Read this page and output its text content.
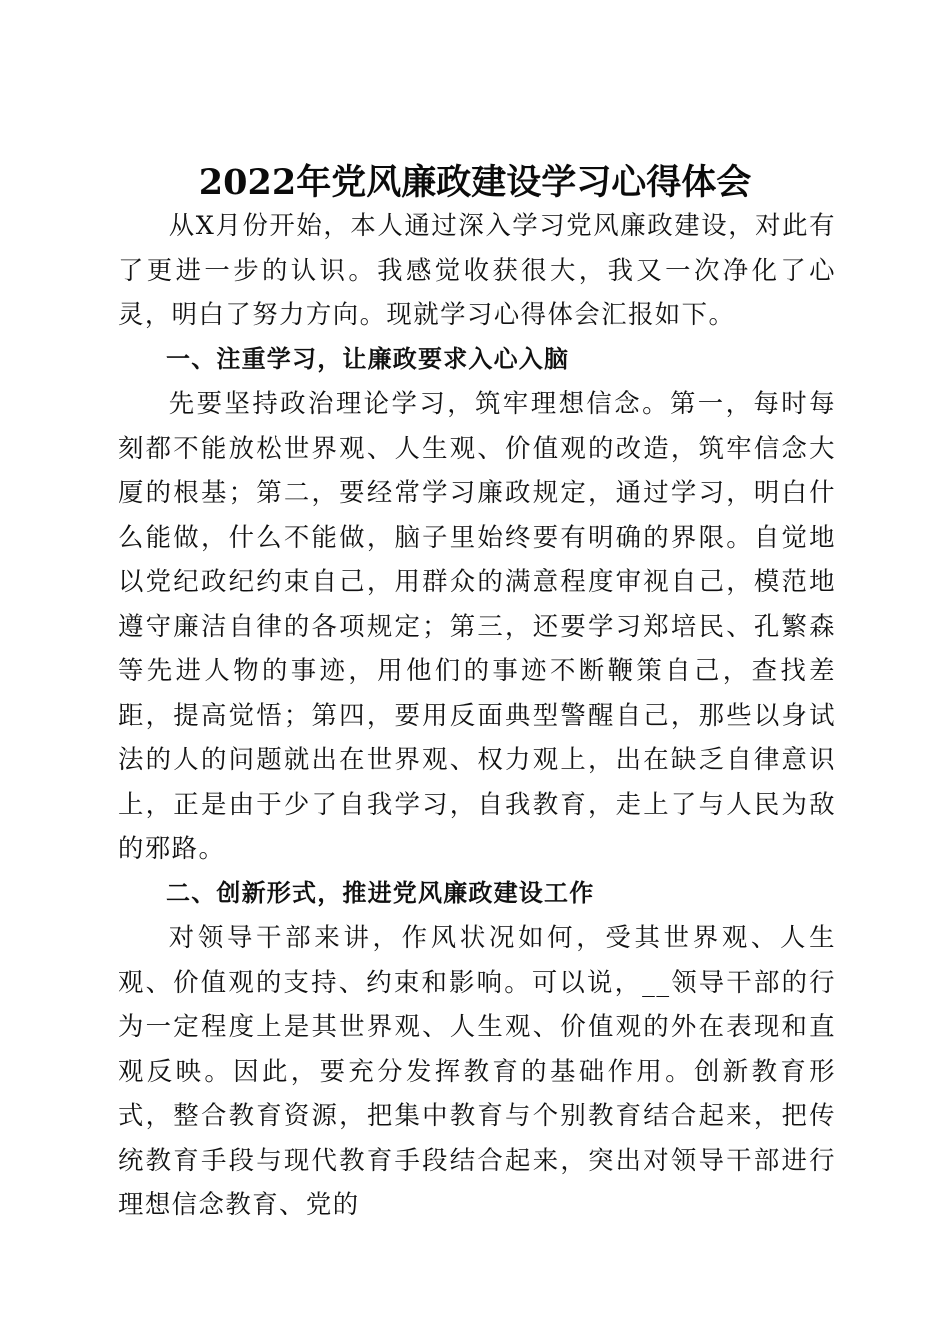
2022年党风廉政建设学习心得体会

从X月份开始，本人通过深入学习党风廉政建设，对此有了更进一步的认识。我感觉收获很大，我又一次净化了心灵，明白了努力方向。现就学习心得体会汇报如下。

一、注重学习，让廉政要求入心入脑

先要坚持政治理论学习，筑牢理想信念。第一，每时每刻都不能放松世界观、人生观、价值观的改造，筑牢信念大厦的根基；第二，要经常学习廉政规定，通过学习，明白什么能做，什么不能做，脑子里始终要有明确的界限。自觉地以党纪政纪约束自己，用群众的满意程度审视自己，模范地遵守廉洁自律的各项规定；第三，还要学习郑培民、孔繁森等先进人物的事迹，用他们的事迹不断鞭策自己，查找差距，提高觉悟；第四，要用反面典型警醒自己，那些以身试法的人的问题就出在世界观、权力观上，出在缺乏自律意识上，正是由于少了自我学习，自我教育，走上了与人民为敌的邪路。

二、创新形式，推进党风廉政建设工作

对领导干部来讲，作风状况如何，受其世界观、人生观、价值观的支持、约束和影响。可以说，__领导干部的行为一定程度上是其世界观、人生观、价值观的外在表现和直观反映。因此，要充分发挥教育的基础作用。创新教育形式，整合教育资源，把集中教育与个别教育结合起来，把传统教育手段与现代教育手段结合起来，突出对领导干部进行理想信念教育、党的
